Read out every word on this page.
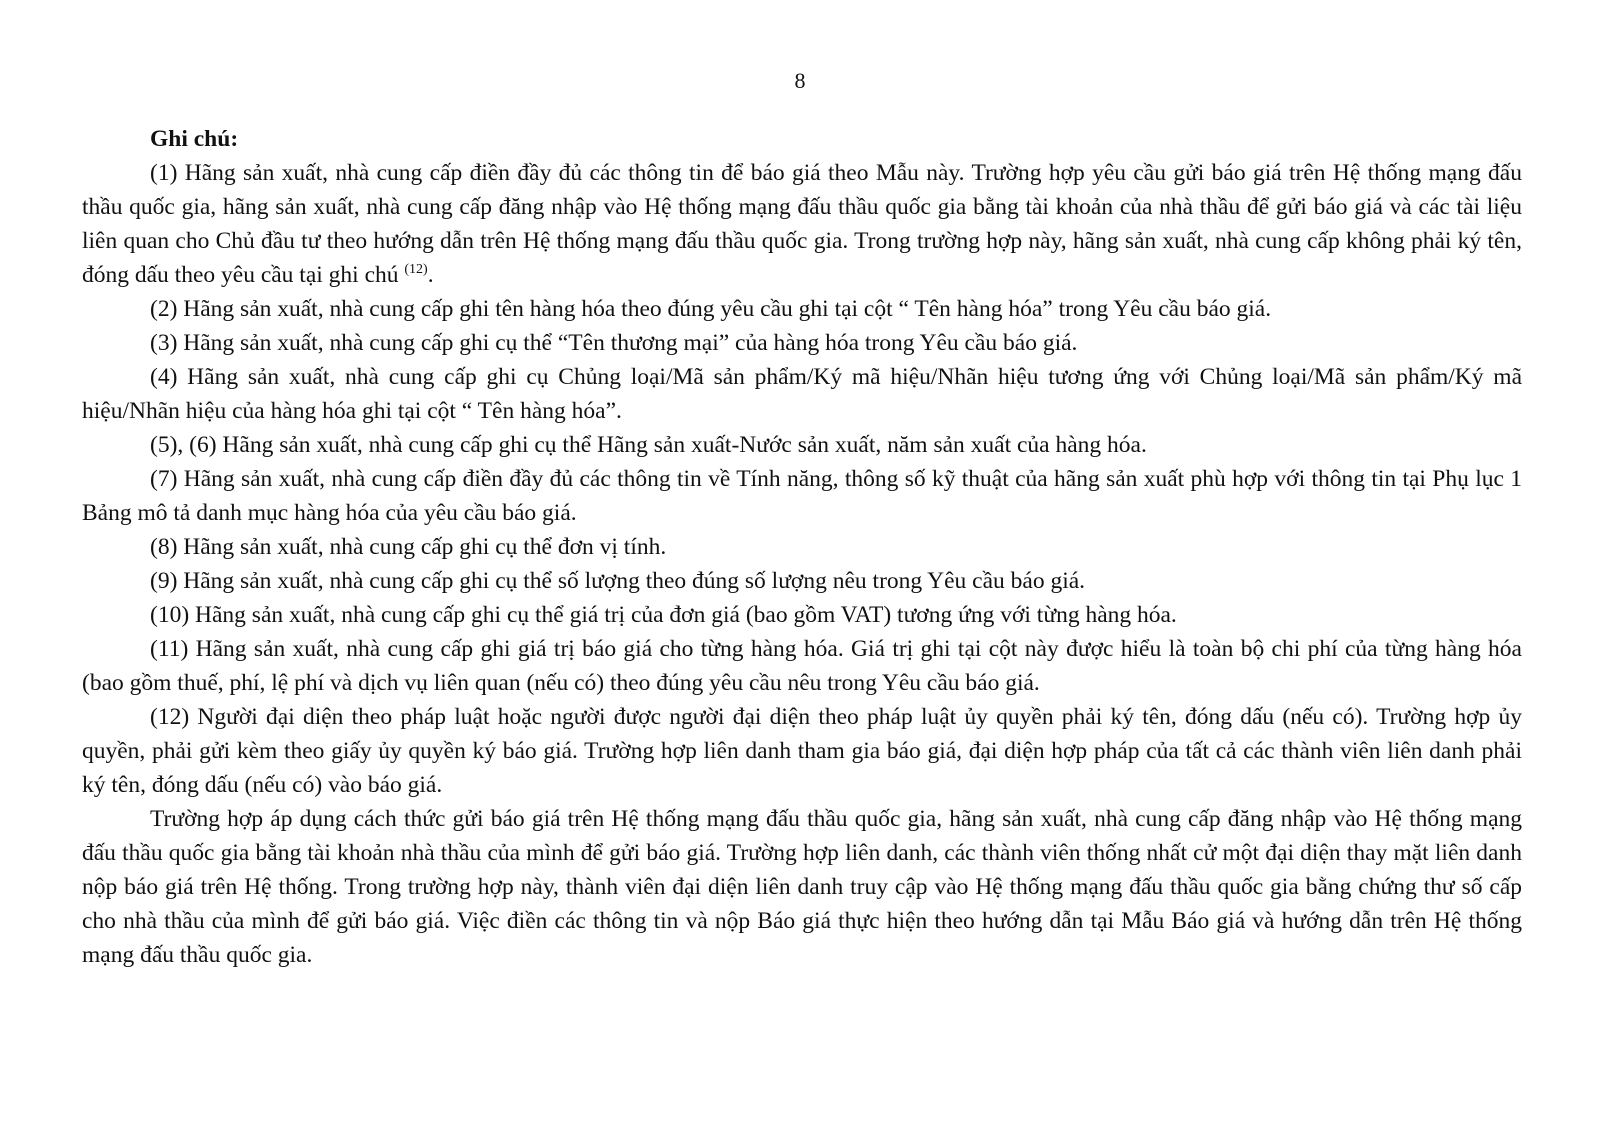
8

Ghi chú:

(1) Hãng sản xuất, nhà cung cấp điền đầy đủ các thông tin để báo giá theo Mẫu này. Trường hợp yêu cầu gửi báo giá trên Hệ thống mạng đấu thầu quốc gia, hãng sản xuất, nhà cung cấp đăng nhập vào Hệ thống mạng đấu thầu quốc gia bằng tài khoản của nhà thầu để gửi báo giá và các tài liệu liên quan cho Chủ đầu tư theo hướng dẫn trên Hệ thống mạng đấu thầu quốc gia. Trong trường hợp này, hãng sản xuất, nhà cung cấp không phải ký tên, đóng dấu theo yêu cầu tại ghi chú $^{(12)}$.

(2) Hãng sản xuất, nhà cung cấp ghi tên hàng hóa theo đúng yêu cầu ghi tại cột “ Tên hàng hóa” trong Yêu cầu báo giá.

(3) Hãng sản xuất, nhà cung cấp ghi cụ thể “Tên thương mại” của hàng hóa trong Yêu cầu báo giá.

(4) Hãng sản xuất, nhà cung cấp ghi cụ Chủng loại/Mã sản phẩm/Ký mã hiệu/Nhãn hiệu tương ứng với Chủng loại/Mã sản phẩm/Ký mã hiệu/Nhãn hiệu của hàng hóa ghi tại cột “ Tên hàng hóa”.

(5), (6) Hãng sản xuất, nhà cung cấp ghi cụ thể Hãng sản xuất-Nước sản xuất, năm sản xuất của hàng hóa.

(7) Hãng sản xuất, nhà cung cấp điền đầy đủ các thông tin về Tính năng, thông số kỹ thuật của hãng sản xuất phù hợp với thông tin tại Phụ lục 1 Bảng mô tả danh mục hàng hóa của yêu cầu báo giá.

(8) Hãng sản xuất, nhà cung cấp ghi cụ thể đơn vị tính.

(9) Hãng sản xuất, nhà cung cấp ghi cụ thể số lượng theo đúng số lượng nêu trong Yêu cầu báo giá.

(10) Hãng sản xuất, nhà cung cấp ghi cụ thể giá trị của đơn giá (bao gồm VAT) tương ứng với từng hàng hóa.

(11) Hãng sản xuất, nhà cung cấp ghi giá trị báo giá cho từng hàng hóa. Giá trị ghi tại cột này được hiểu là toàn bộ chi phí của từng hàng hóa (bao gồm thuế, phí, lệ phí và dịch vụ liên quan (nếu có) theo đúng yêu cầu nêu trong Yêu cầu báo giá.

(12) Người đại diện theo pháp luật hoặc người được người đại diện theo pháp luật ủy quyền phải ký tên, đóng dấu (nếu có). Trường hợp ủy quyền, phải gửi kèm theo giấy ủy quyền ký báo giá. Trường hợp liên danh tham gia báo giá, đại diện hợp pháp của tất cả các thành viên liên danh phải ký tên, đóng dấu (nếu có) vào báo giá.

Trường hợp áp dụng cách thức gửi báo giá trên Hệ thống mạng đấu thầu quốc gia, hãng sản xuất, nhà cung cấp đăng nhập vào Hệ thống mạng đấu thầu quốc gia bằng tài khoản nhà thầu của mình để gửi báo giá. Trường hợp liên danh, các thành viên thống nhất cử một đại diện thay mặt liên danh nộp báo giá trên Hệ thống. Trong trường hợp này, thành viên đại diện liên danh truy cập vào Hệ thống mạng đấu thầu quốc gia bằng chứng thư số cấp cho nhà thầu của mình để gửi báo giá. Việc điền các thông tin và nộp Báo giá thực hiện theo hướng dẫn tại Mẫu Báo giá và hướng dẫn trên Hệ thống mạng đấu thầu quốc gia.
